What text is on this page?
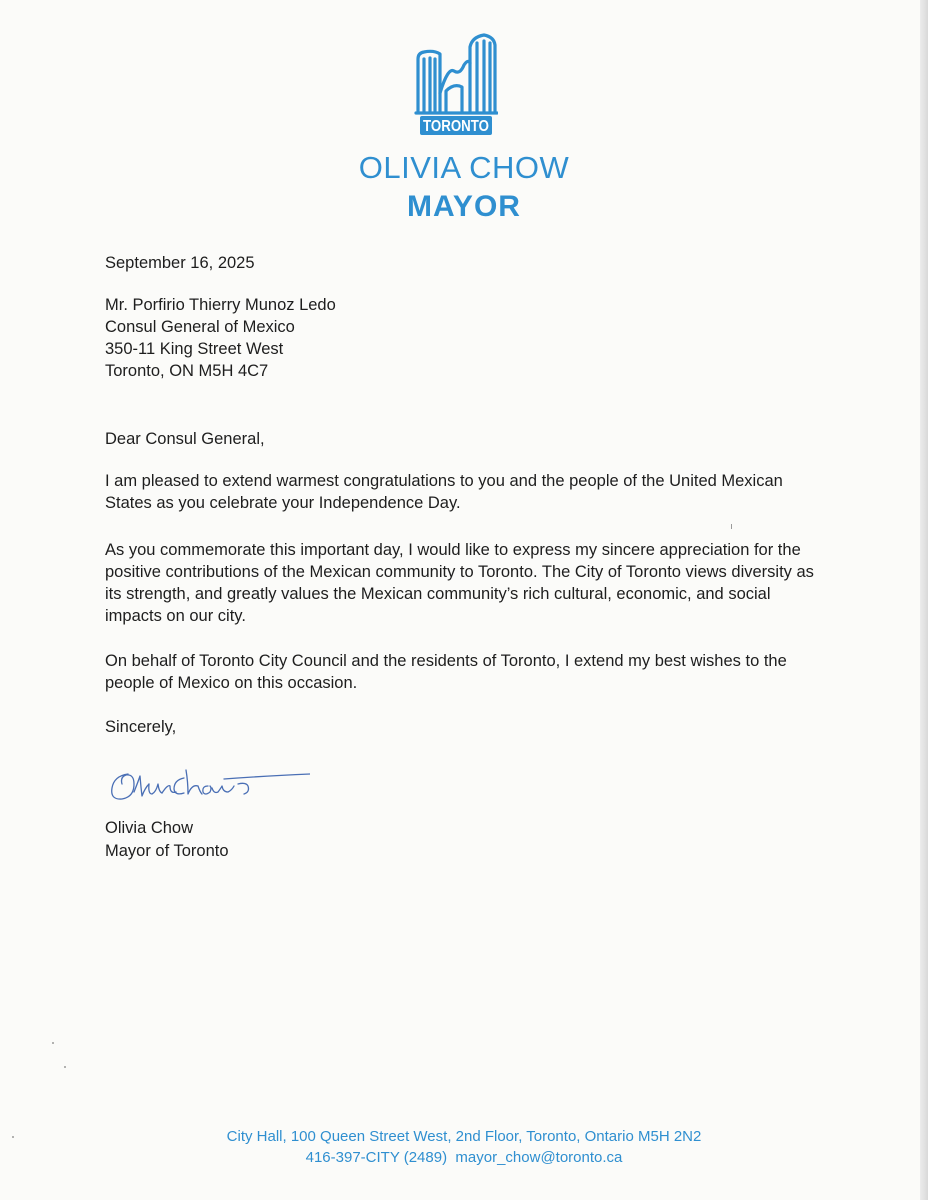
TORONTO
OLIVIA CHOW
MAYOR
September 16, 2025
Mr. Porfirio Thierry Munoz Ledo
Consul General of Mexico
350-11 King Street West
Toronto, ON M5H 4C7
Dear Consul General,

I am pleased to extend warmest congratulations to you and the people of the United Mexican States as you celebrate your Independence Day.

As you commemorate this important day, I would like to express my sincere appreciation for the positive contributions of the Mexican community to Toronto. The City of Toronto views diversity as its strength, and greatly values the Mexican community’s rich cultural, economic, and social impacts on our city.

On behalf of Toronto City Council and the residents of Toronto, I extend my best wishes to the people of Mexico on this occasion.

Sincerely,
Olivia Chow
Mayor of Toronto
City Hall, 100 Queen Street West, 2nd Floor, Toronto, Ontario M5H 2N2
416-397-CITY (2489)  mayor_chow@toronto.ca
